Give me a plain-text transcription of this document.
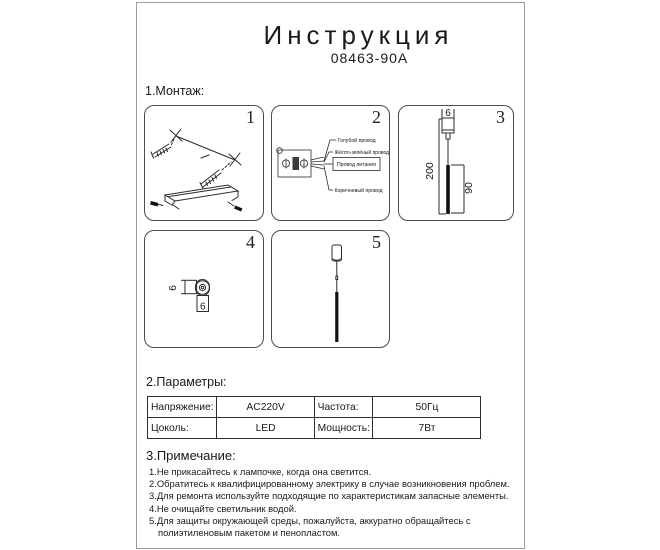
Инструкция
08463-90A
1.Монтаж:
1	2
Голубой провод
Жёлто-зелёный провод
Провод питания
Коричневый провод
3
6
200
90
4
6
6
5
2.Параметры:
Напряжение:	AC220V	Частота:	50Гц
Цоколь:	LED	Мощность:	7Вт
3.Примечание:
1.Не прикасайтесь к лампочке, когда она светится.
2.Обратитесь к квалифицированному электрику в случае возникновения проблем.
3.Для ремонта используйте подходящие по характеристикам запасные элементы.
4.Не очищайте светильник водой.
5.Для защиты окружающей среды, пожалуйста, аккуратно обращайтесь с полиэтиленовым пакетом и пенопластом.
